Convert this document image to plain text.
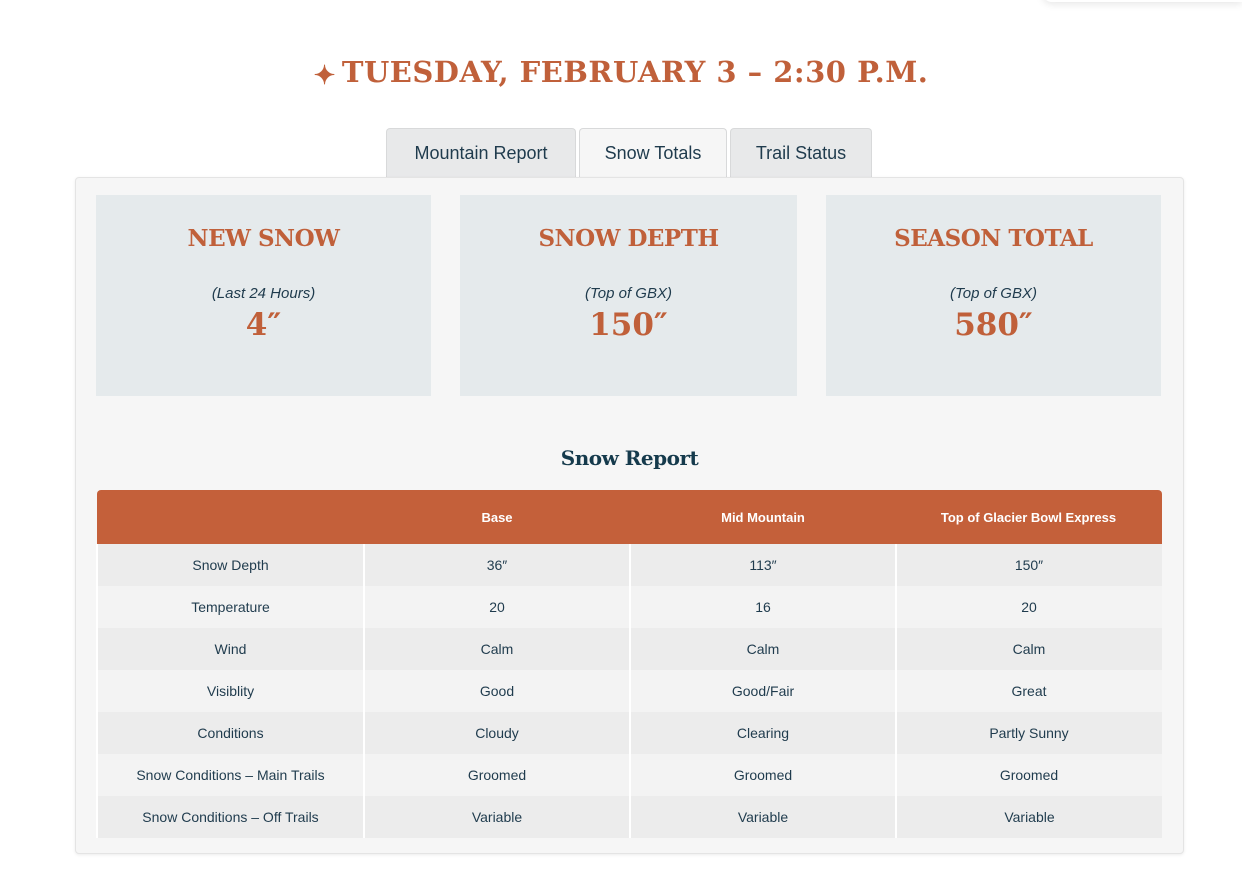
✦ TUESDAY, FEBRUARY 3 – 2:30 P.M.
Mountain Report	Snow Totals	Trail Status
NEW SNOW
(Last 24 Hours)
4″
SNOW DEPTH
(Top of GBX)
150″
SEASON TOTAL
(Top of GBX)
580″
Snow Report
	Base	Mid Mountain	Top of Glacier Bowl Express
Snow Depth	36″	113″	150″
Temperature	20	16	20
Wind	Calm	Calm	Calm
Visiblity	Good	Good/Fair	Great
Conditions	Cloudy	Clearing	Partly Sunny
Snow Conditions – Main Trails	Groomed	Groomed	Groomed
Snow Conditions – Off Trails	Variable	Variable	Variable
